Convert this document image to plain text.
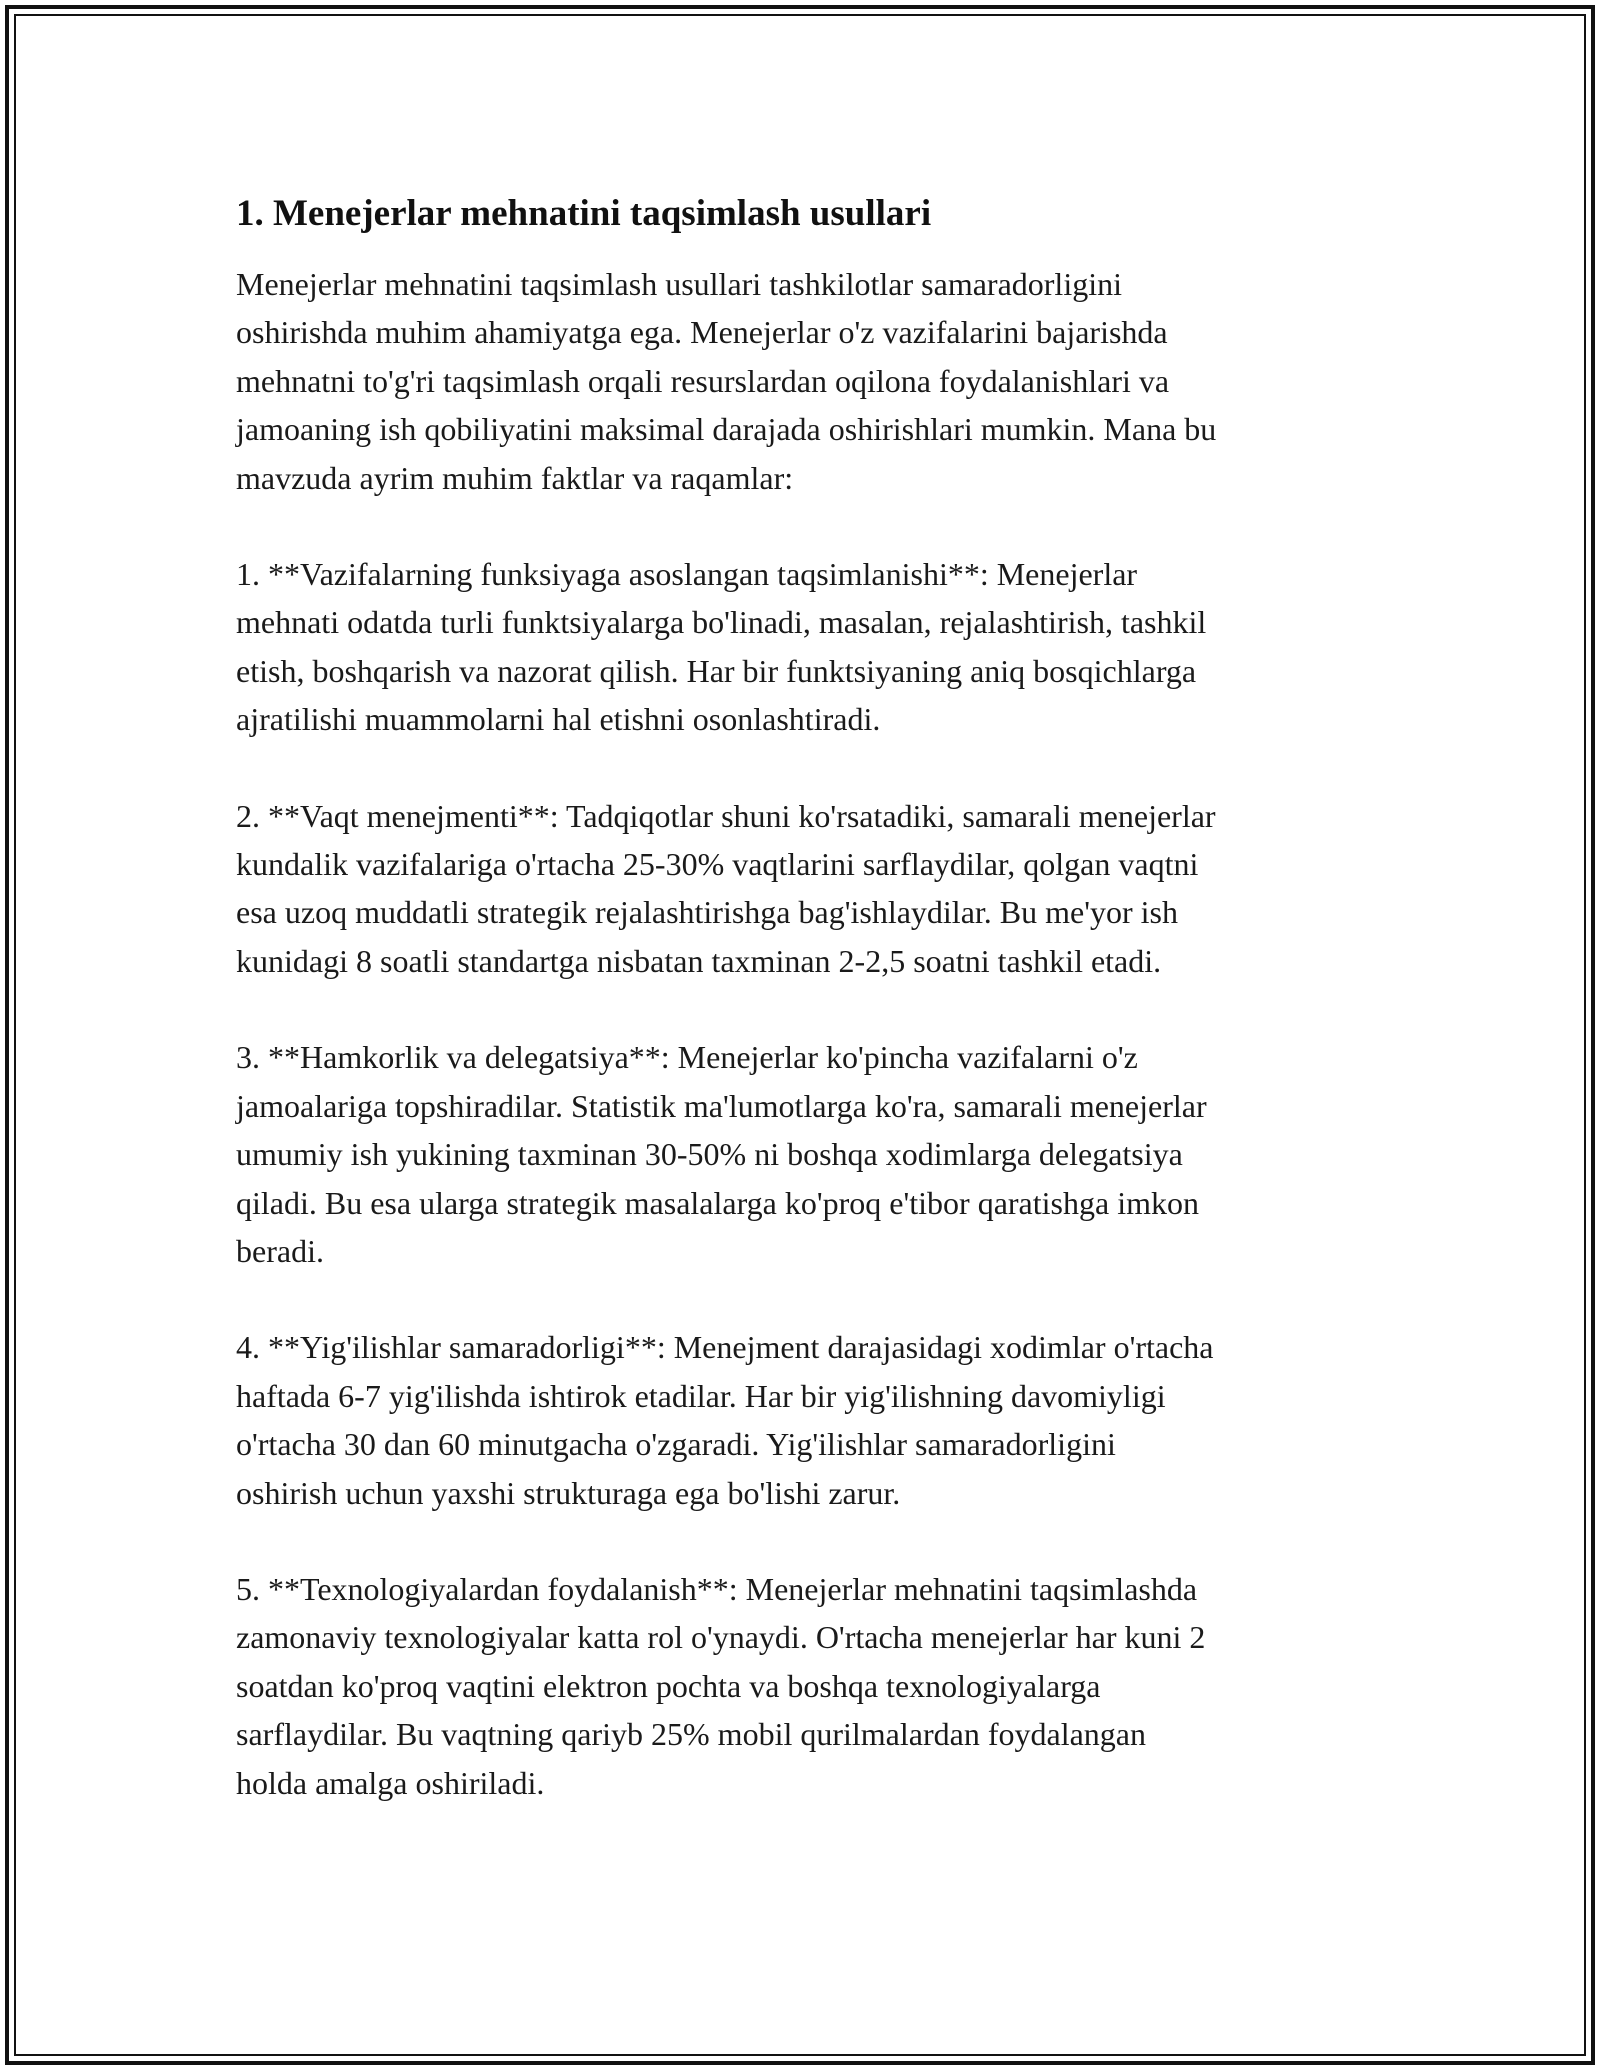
1. Menejerlar mehnatini taqsimlash usullari

Menejerlar mehnatini taqsimlash usullari tashkilotlar samaradorligini
oshirishda muhim ahamiyatga ega. Menejerlar o'z vazifalarini bajarishda
mehnatni to'g'ri taqsimlash orqali resurslardan oqilona foydalanishlari va
jamoaning ish qobiliyatini maksimal darajada oshirishlari mumkin. Mana bu
mavzuda ayrim muhim faktlar va raqamlar:

1. **Vazifalarning funksiyaga asoslangan taqsimlanishi**: Menejerlar
mehnati odatda turli funktsiyalarga bo'linadi, masalan, rejalashtirish, tashkil
etish, boshqarish va nazorat qilish. Har bir funktsiyaning aniq bosqichlarga
ajratilishi muammolarni hal etishni osonlashtiradi.

2. **Vaqt menejmenti**: Tadqiqotlar shuni ko'rsatadiki, samarali menejerlar
kundalik vazifalariga o'rtacha 25-30% vaqtlarini sarflaydilar, qolgan vaqtni
esa uzoq muddatli strategik rejalashtirishga bag'ishlaydilar. Bu me'yor ish
kunidagi 8 soatli standartga nisbatan taxminan 2-2,5 soatni tashkil etadi.

3. **Hamkorlik va delegatsiya**: Menejerlar ko'pincha vazifalarni o'z
jamoalariga topshiradilar. Statistik ma'lumotlarga ko'ra, samarali menejerlar
umumiy ish yukining taxminan 30-50% ni boshqa xodimlarga delegatsiya
qiladi. Bu esa ularga strategik masalalarga ko'proq e'tibor qaratishga imkon
beradi.

4. **Yig'ilishlar samaradorligi**: Menejment darajasidagi xodimlar o'rtacha
haftada 6-7 yig'ilishda ishtirok etadilar. Har bir yig'ilishning davomiyligi
o'rtacha 30 dan 60 minutgacha o'zgaradi. Yig'ilishlar samaradorligini
oshirish uchun yaxshi strukturaga ega bo'lishi zarur.

5. **Texnologiyalardan foydalanish**: Menejerlar mehnatini taqsimlashda
zamonaviy texnologiyalar katta rol o'ynaydi. O'rtacha menejerlar har kuni 2
soatdan ko'proq vaqtini elektron pochta va boshqa texnologiyalarga
sarflaydilar. Bu vaqtning qariyb 25% mobil qurilmalardan foydalangan
holda amalga oshiriladi.
